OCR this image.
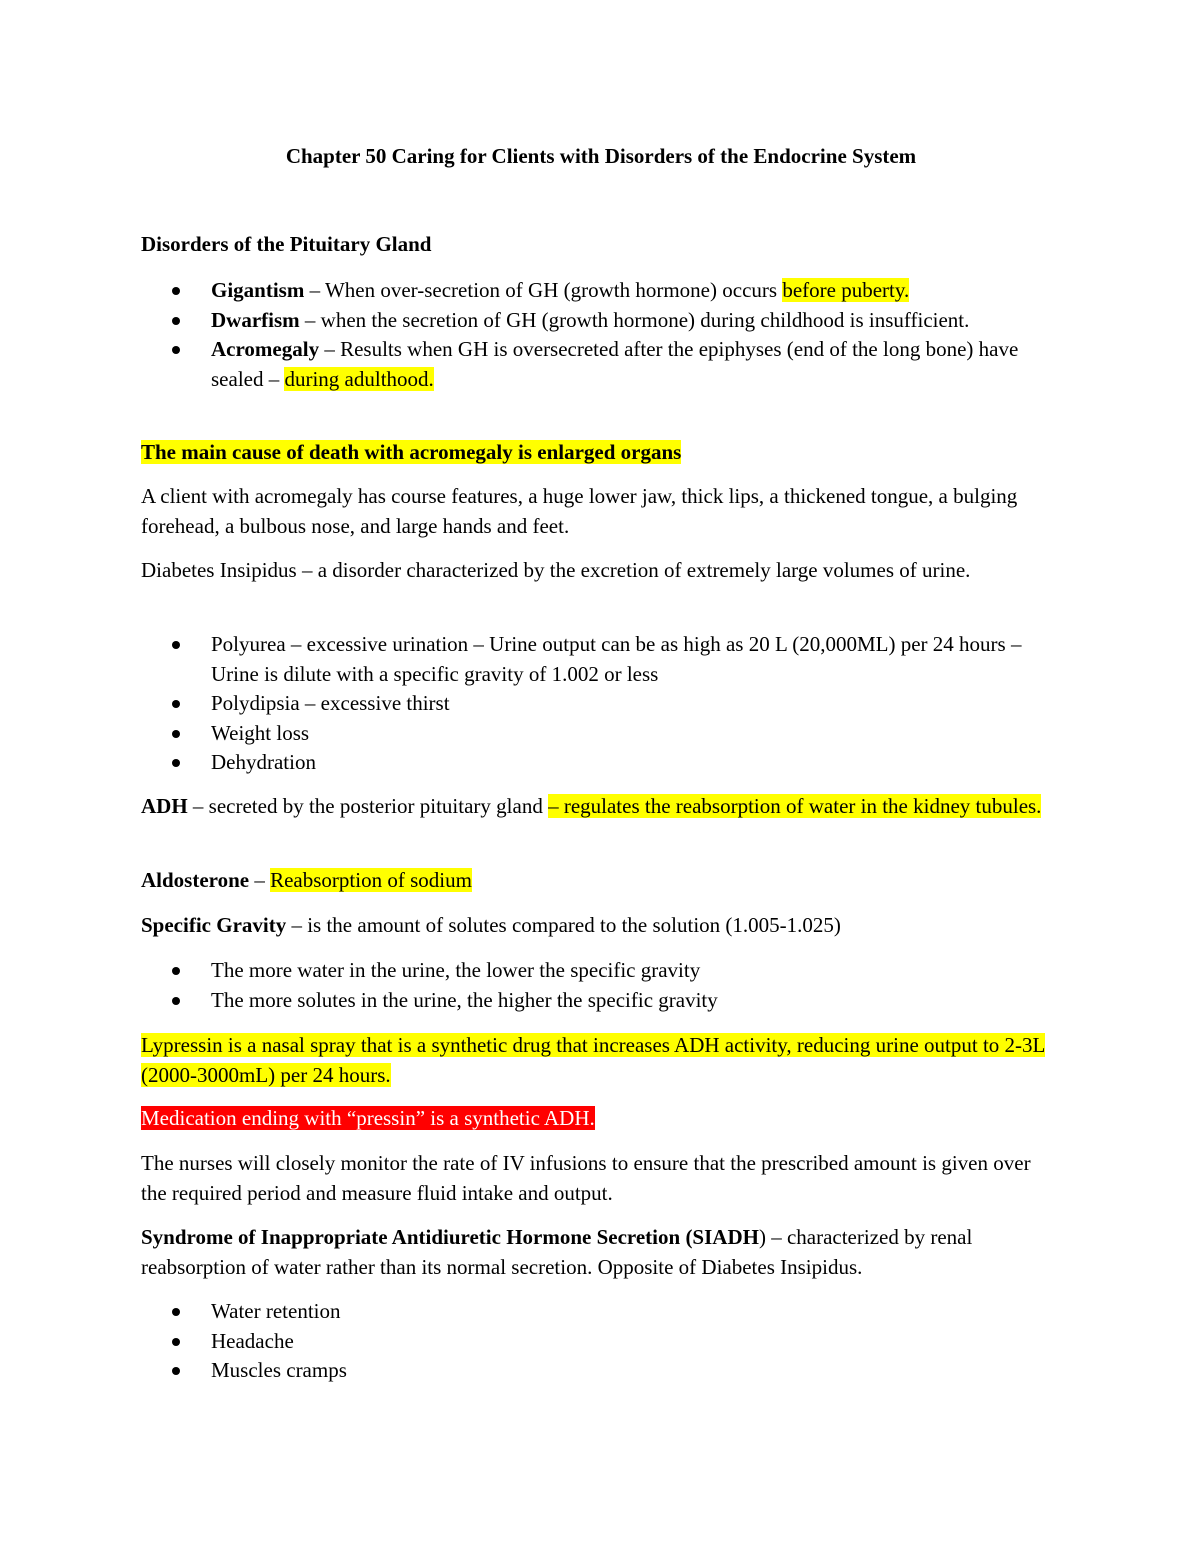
Chapter 50 Caring for Clients with Disorders of the Endocrine System

Disorders of the Pituitary Gland

Gigantism – When over-secretion of GH (growth hormone) occurs before puberty.
Dwarfism – when the secretion of GH (growth hormone) during childhood is insufficient.
Acromegaly – Results when GH is oversecreted after the epiphyses (end of the long bone) have sealed – during adulthood.

The main cause of death with acromegaly is enlarged organs

A client with acromegaly has course features, a huge lower jaw, thick lips, a thickened tongue, a bulging forehead, a bulbous nose, and large hands and feet.

Diabetes Insipidus – a disorder characterized by the excretion of extremely large volumes of urine.

Polyurea – excessive urination – Urine output can be as high as 20 L (20,000ML) per 24 hours – Urine is dilute with a specific gravity of 1.002 or less
Polydipsia – excessive thirst
Weight loss
Dehydration

ADH – secreted by the posterior pituitary gland – regulates the reabsorption of water in the kidney tubules.

Aldosterone – Reabsorption of sodium

Specific Gravity – is the amount of solutes compared to the solution (1.005-1.025)

The more water in the urine, the lower the specific gravity
The more solutes in the urine, the higher the specific gravity

Lypressin is a nasal spray that is a synthetic drug that increases ADH activity, reducing urine output to 2-3L (2000-3000mL) per 24 hours.

Medication ending with “pressin” is a synthetic ADH.

The nurses will closely monitor the rate of IV infusions to ensure that the prescribed amount is given over the required period and measure fluid intake and output.

Syndrome of Inappropriate Antidiuretic Hormone Secretion (SIADH) – characterized by renal reabsorption of water rather than its normal secretion. Opposite of Diabetes Insipidus.

Water retention
Headache
Muscles cramps
